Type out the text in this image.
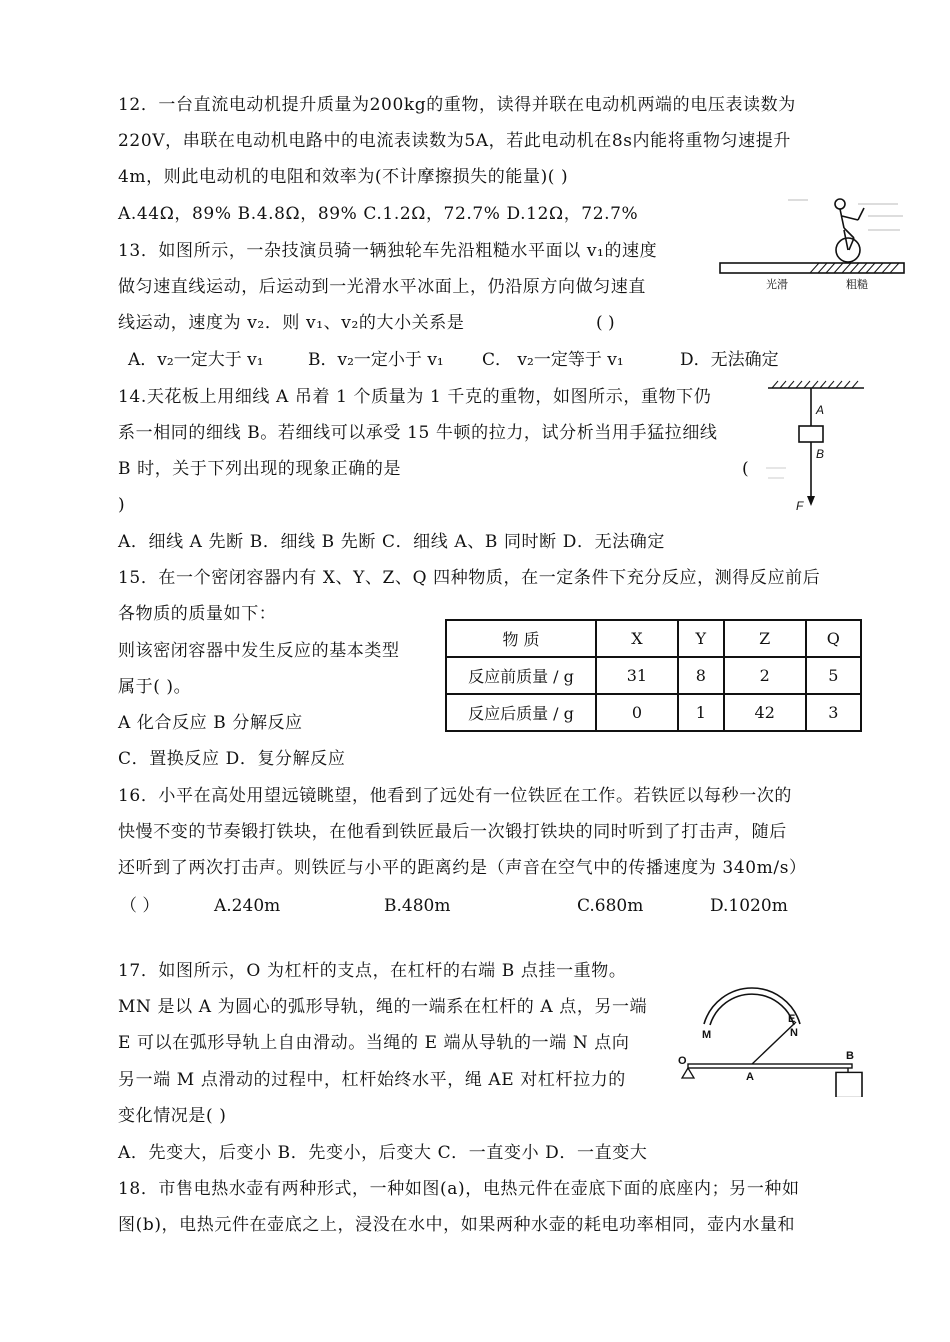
12．一台直流电动机提升质量为200kg的重物，读得并联在电动机两端的电压表读数为
220V，串联在电动机电路中的电流表读数为5A，若此电动机在8s内能将重物匀速提升
4m，则此电动机的电阻和效率为(不计摩擦损失的能量)( )
A.44Ω，89% B.4.8Ω，89% C.1.2Ω，72.7% D.12Ω，72.7%
13．如图所示，一杂技演员骑一辆独轮车先沿粗糙水平面以 v₁的速度
做匀速直线运动，后运动到一光滑水平冰面上，仍沿原方向做匀速直
线运动，速度为 v₂．则 v₁、v₂的大小关系是	( )
A．v₂一定大于 v₁	B．v₂一定小于 v₁ C． v₂一定等于 v₁	D．无法确定
光滑	粗糙
14.天花板上用细线 A 吊着 1 个质量为 1 千克的重物，如图所示，重物下仍
系一相同的细线 B。若细线可以承受 15 牛顿的拉力，试分析当用手猛拉细线
B 时，关于下列出现的现象正确的是	(
)
A．细线 A 先断 B．细线 B 先断 C．细线 A、B 同时断 D．无法确定
A
B
F
15．在一个密闭容器内有 X、Y、Z、Q 四种物质，在一定条件下充分反应，测得反应前后
各物质的质量如下：
则该密闭容器中发生反应的基本类型
属于( )。
A 化合反应 B 分解反应
C．置换反应 D．复分解反应
物 质	X	Y	Z	Q
反应前质量 / g	31	8	2	5
反应后质量 / g	0	1	42	3
16．小平在高处用望远镜眺望，他看到了远处有一位铁匠在工作。若铁匠以每秒一次的
快慢不变的节奏锻打铁块，在他看到铁匠最后一次锻打铁块的同时听到了打击声，随后
还听到了两次打击声。则铁匠与小平的距离约是（声音在空气中的传播速度为 340m/s）
（ ）	A.240m	B.480m	C.680m	D.1020m
17．如图所示，O 为杠杆的支点，在杠杆的右端 B 点挂一重物。
MN 是以 A 为圆心的弧形导轨，绳的一端系在杠杆的 A 点，另一端
E 可以在弧形导轨上自由滑动。当绳的 E 端从导轨的一端 N 点向
另一端 M 点滑动的过程中，杠杆始终水平，绳 AE 对杠杆拉力的
变化情况是( )
A．先变大，后变小 B．先变小，后变大 C．一直变小 D．一直变大
O
M
A
E
N
B
18．市售电热水壶有两种形式，一种如图(a)，电热元件在壶底下面的底座内；另一种如
图(b)，电热元件在壶底之上，浸没在水中，如果两种水壶的耗电功率相同，壶内水量和
